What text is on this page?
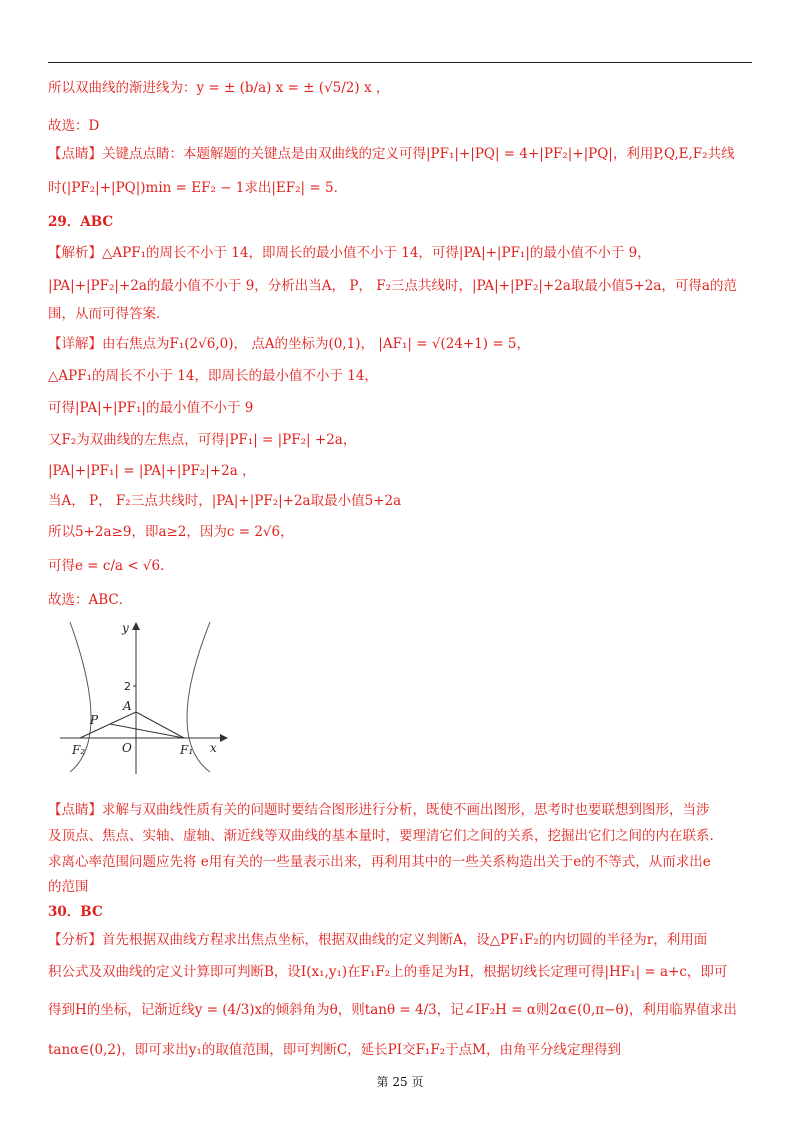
所以双曲线的渐进线为：y = ± (b/a) x = ± (√5/2) x ，
故选：D
【点睛】关键点点睛：本题解题的关键点是由双曲线的定义可得|PF₁|+|PQ| = 4+|PF₂|+|PQ|，利用P,Q,E,F₂共线
时(|PF₂|+|PQ|)min = EF₂ − 1求出|EF₂| = 5．
29．ABC
【解析】△APF₁的周长不小于 14，即周长的最小值不小于 14，可得|PA|+|PF₁|的最小值不小于 9，
|PA|+|PF₂|+2a的最小值不小于 9，分析出当A， P， F₂三点共线时，|PA|+|PF₂|+2a取最小值5+2a，可得a的范
围，从而可得答案．
【详解】由右焦点为F₁(2√6,0)， 点A的坐标为(0,1)， |AF₁| = √(24+1) = 5，
△APF₁的周长不小于 14，即周长的最小值不小于 14，
可得|PA|+|PF₁|的最小值不小于 9
又F₂为双曲线的左焦点，可得|PF₁| = |PF₂| +2a，
|PA|+|PF₁| = |PA|+|PF₂|+2a ，
当A， P， F₂三点共线时，|PA|+|PF₂|+2a取最小值5+2a
所以5+2a≥9，即a≥2，因为c = 2√6，
可得e = c/a < √6．
故选：ABC．
【点睛】求解与双曲线性质有关的问题时要结合图形进行分析，既使不画出图形，思考时也要联想到图形，当涉
及顶点、焦点、实轴、虚轴、渐近线等双曲线的基本量时，要理清它们之间的关系，挖掘出它们之间的内在联系.
求离心率范围问题应先将 e用有关的一些量表示出来，再利用其中的一些关系构造出关于e的不等式，从而求出e
的范围
30．BC
【分析】首先根据双曲线方程求出焦点坐标，根据双曲线的定义判断A，设△PF₁F₂的内切圆的半径为r，利用面
积公式及双曲线的定义计算即可判断B，设I(x₁,y₁)在F₁F₂上的垂足为H，根据切线长定理可得|HF₁| = a+c，即可
得到H的坐标，记渐近线y = (4/3)x的倾斜角为θ，则tanθ = 4/3，记∠IF₂H = α则2α∈(0,π−θ)，利用临界值求出
tanα∈(0,2)，即可求出y₁的取值范围，即可判断C，延长PI交F₁F₂于点M，由角平分线定理得到
y
x
2
A
P
O
F₂	F₁
第 25 页
